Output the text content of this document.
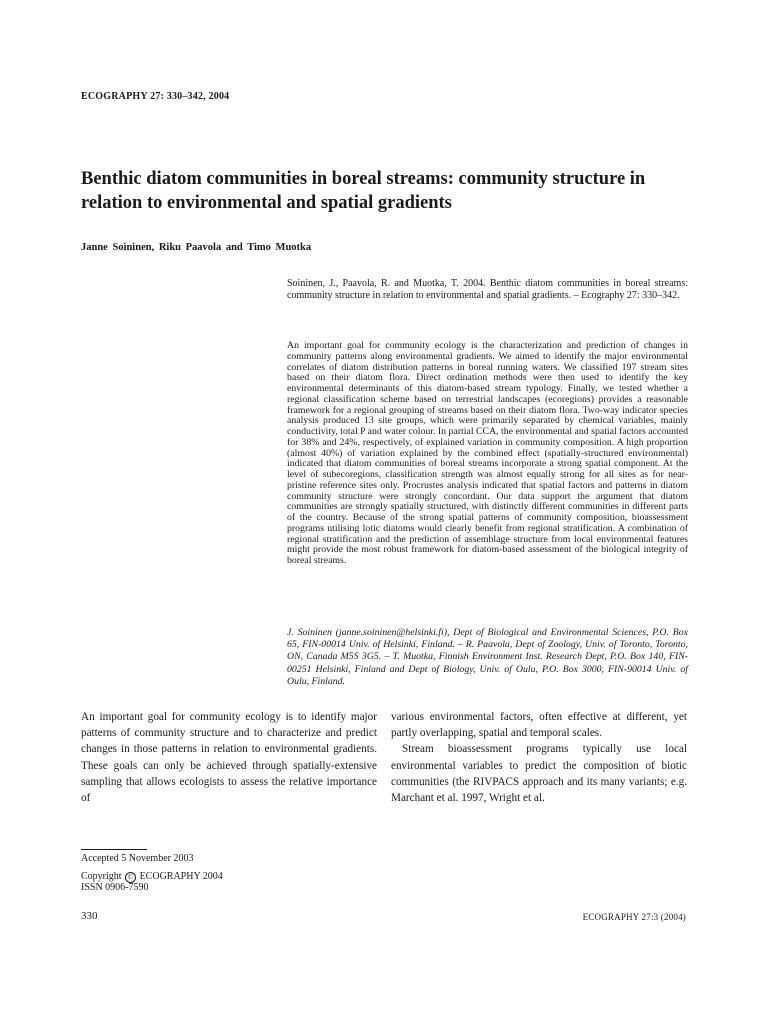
ECOGRAPHY 27: 330–342, 2004
Benthic diatom communities in boreal streams: community structure in relation to environmental and spatial gradients
Janne Soininen, Riku Paavola and Timo Muotka

Soininen, J., Paavola, R. and Muotka, T. 2004. Benthic diatom communities in boreal streams: community structure in relation to environmental and spatial gradients. – Ecography 27: 330–342.

An important goal for community ecology is the characterization and prediction of changes in community patterns along environmental gradients. We aimed to identify the major environmental correlates of diatom distribution patterns in boreal running waters. We classified 197 stream sites based on their diatom flora. Direct ordination methods were then used to identify the key environmental determinants of this diatom-based stream typology. Finally, we tested whether a regional classification scheme based on terrestrial landscapes (ecoregions) provides a reasonable framework for a regional grouping of streams based on their diatom flora. Two-way indicator species analysis produced 13 site groups, which were primarily separated by chemical variables, mainly conductivity, total P and water colour. In partial CCA, the environmental and spatial factors accounted for 38% and 24%, respectively, of explained variation in community composition. A high proportion (almost 40%) of variation explained by the combined effect (spatially-structured environmental) indicated that diatom communities of boreal streams incorporate a strong spatial component. At the level of subecoregions, classification strength was almost equally strong for all sites as for near-pristine reference sites only. Procrustes analysis indicated that spatial factors and patterns in diatom community structure were strongly concordant. Our data support the argument that diatom communities are strongly spatially structured, with distinctly different communities in different parts of the country. Because of the strong spatial patterns of community composition, bioassessment programs utilising lotic diatoms would clearly benefit from regional stratification. A combination of regional stratification and the prediction of assemblage structure from local environmental features might provide the most robust framework for diatom-based assessment of the biological integrity of boreal streams.

J. Soininen (janne.soininen@helsinki.fi), Dept of Biological and Environmental Sciences, P.O. Box 65, FIN-00014 Univ. of Helsinki, Finland. – R. Paavola, Dept of Zoology, Univ. of Toronto, Toronto, ON, Canada M5S 3G5. – T. Muotka, Finnish Environment Inst. Research Dept, P.O. Box 140, FIN-00251 Helsinki, Finland and Dept of Biology, Univ. of Oulu, P.O. Box 3000, FIN-90014 Univ. of Oulu, Finland.

An important goal for community ecology is to identify major patterns of community structure and to characterize and predict changes in those patterns in relation to environmental gradients. These goals can only be achieved through spatially-extensive sampling that allows ecologists to assess the relative importance of

various environmental factors, often effective at different, yet partly overlapping, spatial and temporal scales.

Stream bioassessment programs typically use local environmental variables to predict the composition of biotic communities (the RIVPACS approach and its many variants; e.g. Marchant et al. 1997, Wright et al.

Accepted 5 November 2003
Copyright C ECOGRAPHY 2004
ISSN 0906-7590
330	ECOGRAPHY 27:3 (2004)
